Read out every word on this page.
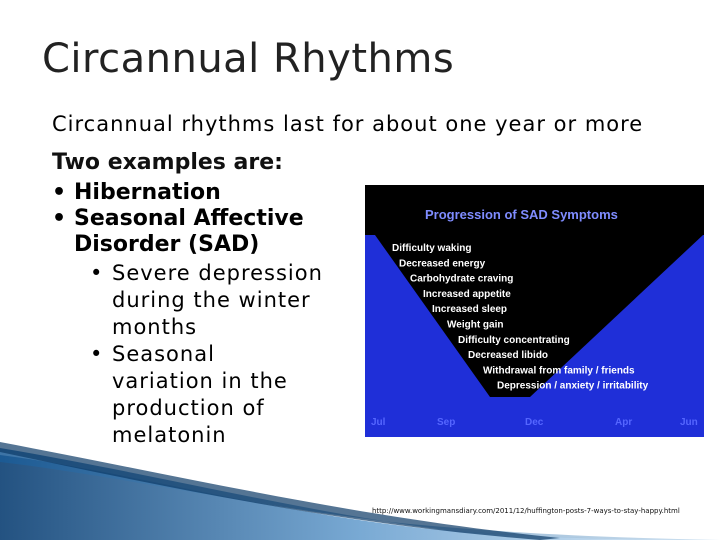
Circannual Rhythms
Circannual rhythms last for about one year or more
Two examples are:
• Hibernation
• Seasonal Affective Disorder (SAD)
• Severe depression during the winter months
• Seasonal variation in the production of melatonin
Progression of SAD Symptoms
Difficulty waking
Decreased energy
Carbohydrate craving
Increased appetite
Increased sleep
Weight gain
Difficulty concentrating
Decreased libido
Withdrawal from family / friends
Depression / anxiety / irritability
Jul	Sep	Dec	Apr	Jun
http://www.workingmansdiary.com/2011/12/huffington-posts-7-ways-to-stay-happy.html
